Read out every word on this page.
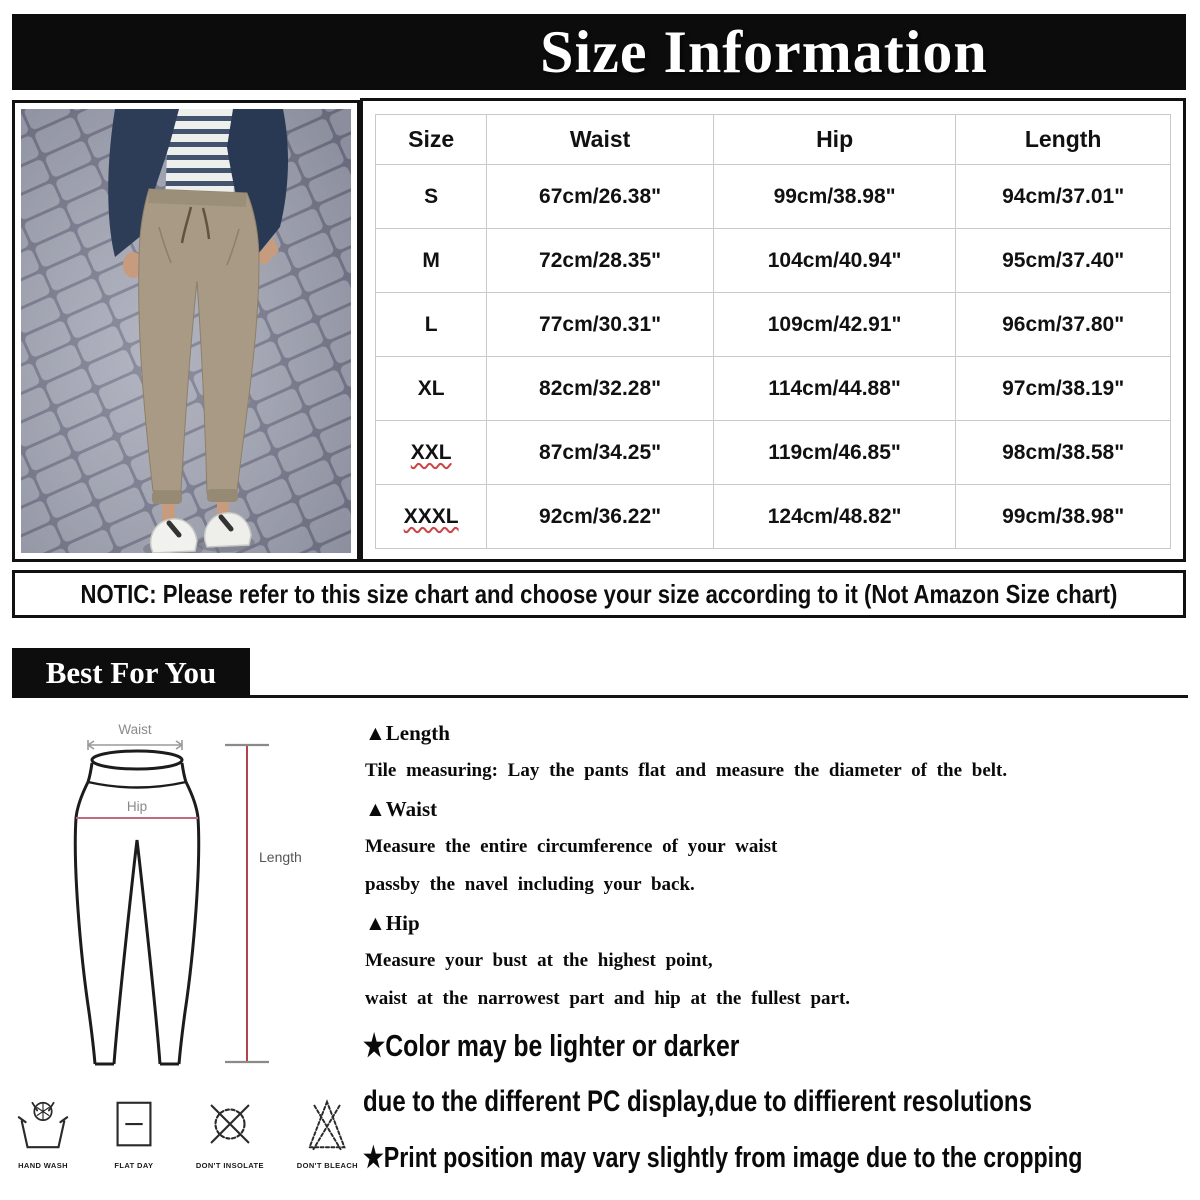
Size Information
Size	Waist	Hip	Length
S	67cm/26.38"	99cm/38.98"	94cm/37.01"
M	72cm/28.35"	104cm/40.94"	95cm/37.40"
L	77cm/30.31"	109cm/42.91"	96cm/37.80"
XL	82cm/32.28"	114cm/44.88"	97cm/38.19"
XXL	87cm/34.25"	119cm/46.85"	98cm/38.58"
XXXL	92cm/36.22"	124cm/48.82"	99cm/38.98"
NOTIC: Please refer to this size chart and choose your size according to it (Not Amazon Size chart)
Best For You
Waist
Hip
Length
▲Length
Tile measuring: Lay the pants flat and measure the diameter of the belt.
▲Waist
Measure the entire circumference of your waist
passby the navel including your back.
▲Hip
Measure your bust at the highest point,
waist at the narrowest part and hip at the fullest part.
★Color may be lighter or darker
due to the different PC display,due to diffierent resolutions
★Print position may vary slightly from image due to the cropping
HAND WASH	FLAT DAY	DON'T INSOLATE	DON'T BLEACH
